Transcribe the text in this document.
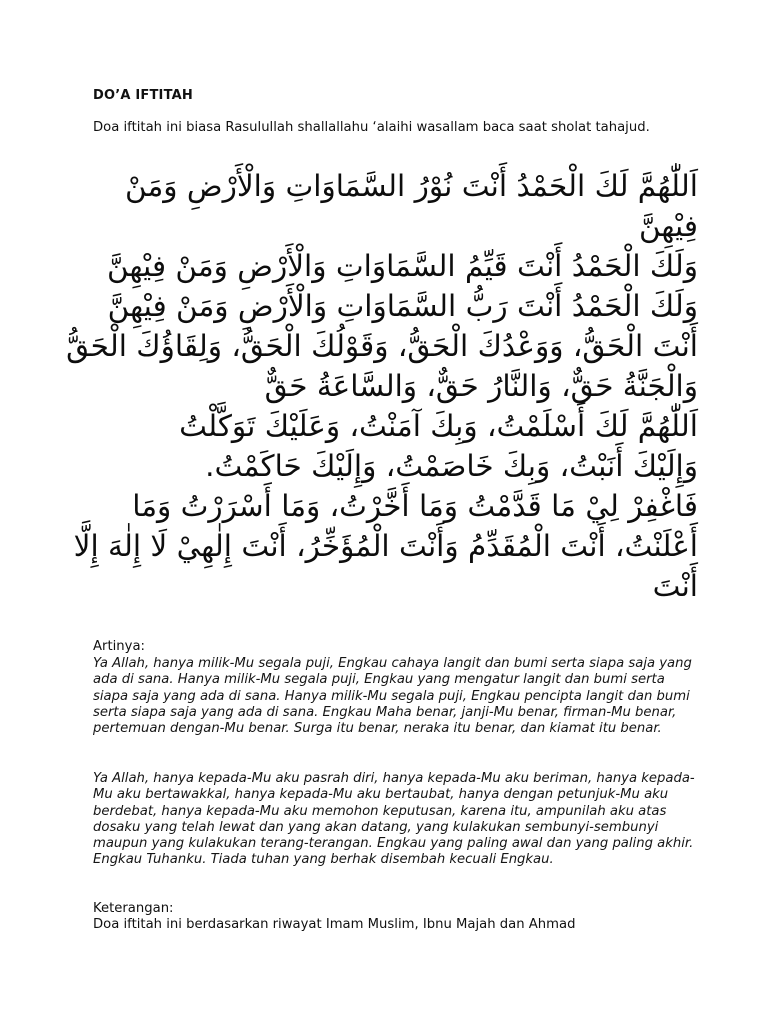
DO’A IFTITAH
Doa iftitah ini biasa Rasulullah shallallahu ‘alaihi wasallam baca saat sholat tahajud.
اَللّٰهُمَّ لَكَ الْحَمْدُ أَنْتَ نُوْرُ السَّمَاوَاتِ وَالْأَرْضِ وَمَنْ فِيْهِنَّ
وَلَكَ الْحَمْدُ أَنْتَ قَيِّمُ السَّمَاوَاتِ وَالْأَرْضِ وَمَنْ فِيْهِنَّ
وَلَكَ الْحَمْدُ أَنْتَ رَبُّ السَّمَاوَاتِ وَالْأَرْضِ وَمَنْ فِيْهِنَّ
أَنْتَ الْحَقُّ، وَوَعْدُكَ الْحَقُّ، وَقَوْلُكَ الْحَقُّ، وَلِقَاؤُكَ الْحَقُّ
وَالْجَنَّةُ حَقٌّ، وَالنَّارُ حَقٌّ، وَالسَّاعَةُ حَقٌّ
اَللّٰهُمَّ لَكَ أَسْلَمْتُ، وَبِكَ آمَنْتُ، وَعَلَيْكَ تَوَكَّلْتُ
وَإِلَيْكَ أَنَبْتُ، وَبِكَ خَاصَمْتُ، وَإِلَيْكَ حَاكَمْتُ.
فَاغْفِرْ لِيْ مَا قَدَّمْتُ وَمَا أَخَّرْتُ، وَمَا أَسْرَرْتُ وَمَا أَعْلَنْتُ، أَنْتَ الْمُقَدِّمُ وَأَنْتَ الْمُؤَخِّرُ، أَنْتَ إِلٰهِيْ لَا إِلٰهَ إِلَّا أَنْتَ
Artinya:
Ya Allah, hanya milik-Mu segala puji, Engkau cahaya langit dan bumi serta siapa saja yang ada di sana. Hanya milik-Mu segala puji, Engkau yang mengatur langit dan bumi serta siapa saja yang ada di sana. Hanya milik-Mu segala puji, Engkau pencipta langit dan bumi serta siapa saja yang ada di sana. Engkau Maha benar, janji-Mu benar, firman-Mu benar, pertemuan dengan-Mu benar. Surga itu benar, neraka itu benar, dan kiamat itu benar.
Ya Allah, hanya kepada-Mu aku pasrah diri, hanya kepada-Mu aku beriman, hanya kepada-Mu aku bertawakkal, hanya kepada-Mu aku bertaubat, hanya dengan petunjuk-Mu aku berdebat, hanya kepada-Mu aku memohon keputusan, karena itu, ampunilah aku atas dosaku yang telah lewat dan yang akan datang, yang kulakukan sembunyi-sembunyi maupun yang kulakukan terang-terangan. Engkau yang paling awal dan yang paling akhir. Engkau Tuhanku. Tiada tuhan yang berhak disembah kecuali Engkau.
Keterangan:
Doa iftitah ini berdasarkan riwayat Imam Muslim, Ibnu Majah dan Ahmad
